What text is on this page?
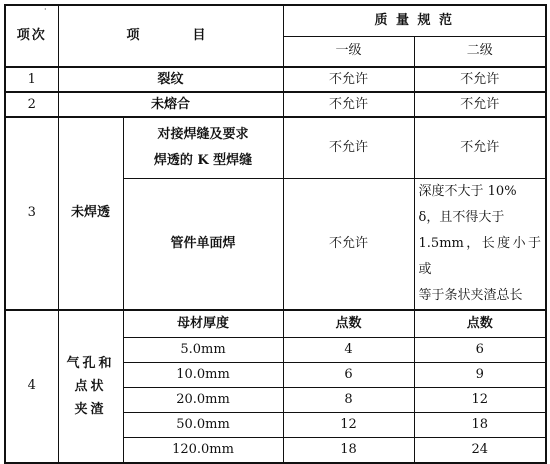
·
项次	项　　目		质 量 规 范	
			一级	二级
1	裂纹		不允许	不允许
2	未熔合		不允许	不允许
3	未焊透	对接焊缝及要求
焊透的 K 型焊缝	不允许	不允许
		管件单面焊	不允许	深度不大于 10%
δ，且不得大于
1.5mm，长度小于或
等于条状夹渣总长

4	气孔和
点状
夹渣	母材厚度	点数	点数
		5.0mm	4	6
		10.0mm	6	9
		20.0mm	8	12
		50.0mm	12	18
		120.0mm	18	24
